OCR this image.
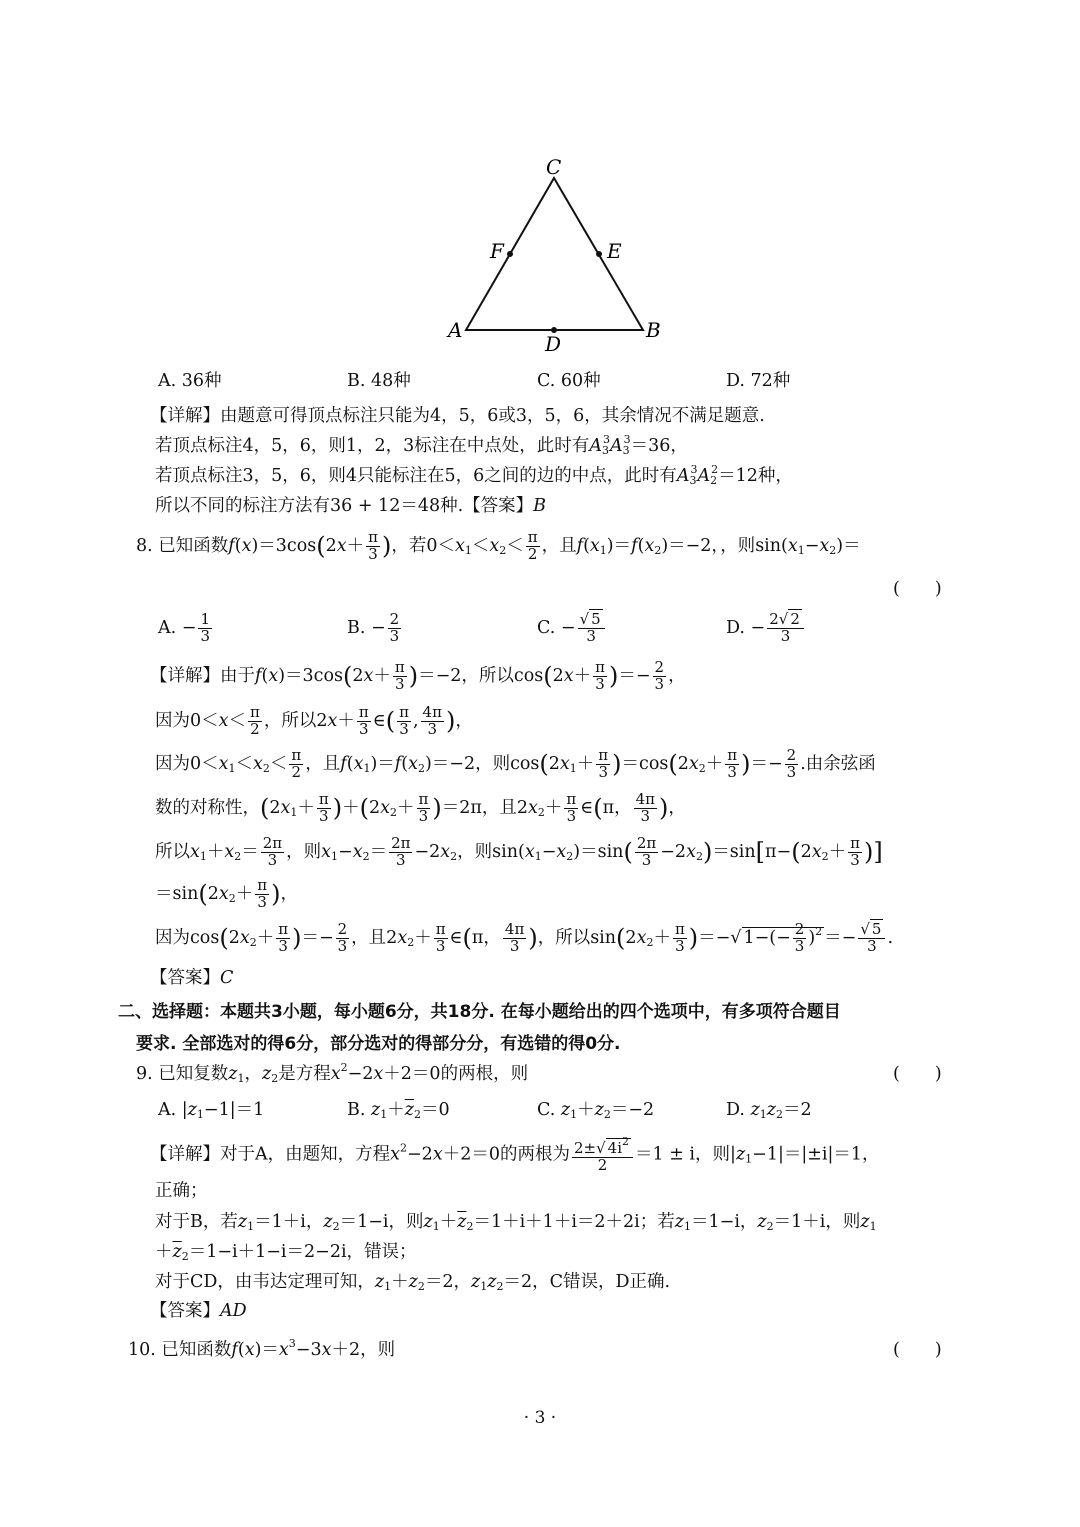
C
F	E
A	B
D
A. 36种	B. 48种	C. 60种	D. 72种
【详解】由题意可得顶点标注只能为4，5，6或3，5，6，其余情况不满足题意.
若顶点标注4，5，6，则1，2，3标注在中点处，此时有$A_3^3A_3^3=36$，
若顶点标注3，5，6，则4只能标注在5，6之间的边的中点，此时有$A_3^3A_2^2=12$种，
所以不同的标注方法有36 + 12＝48种.【答案】B
8. 已知函数$f(x)=3\cos(2x+ \frac{\pi}{3}$ )，若$0<x_1<x_2< \frac{\pi}{2}$ ，且$f(x_1)=f(x_2)=-2$，，则$\sin(x_1-x_2)=$
(　　)
A. − $\frac{1}{3}$	B. − $\frac{2}{3}$	C. − $\frac{√ 5}{3}$	D. − $\frac{2√ 2}{3}$
【详解】由于$f(x)=3\cos(2x+ \frac{\pi}{3} )=-2$，所以$\cos(2x+ \frac{\pi}{3}$ )＝− $\frac{2}{3}$ ，
因为$0<x< \frac{\pi}{2}$ ，所以$2x+ \frac{\pi}{3}$ ∈( $\frac{\pi}{3}$ , $\frac{4\pi}{3}$ )，
因为$0<x_1<x_2< \frac{\pi}{2}$ ，且$f(x_1)=f(x_2)=-2$，则$\cos(2x_1+ \frac{\pi}{3} )=\cos(2x_2+ \frac{\pi}{3}$ )＝− $\frac{2}{3}$ .由余弦函
数的对称性，$(2x_1+ \frac{\pi}{3} )+(2x_2+ \frac{\pi}{3} )=2\pi$，且$2x_2+ \frac{\pi}{3}$ ∈(π， $\frac{4\pi}{3}$ )，
所以$x_1+x_2= \frac{2\pi}{3}$ ，则$x_1-x_2= \frac{2\pi}{3} -2x_2$，则$\sin(x_1-x_2)=\sin( \frac{2\pi}{3} -2x_2)=\sin[\pi-(2x_2+ \frac{\pi}{3}$ )]
$=\sin(2x_2+ \frac{\pi}{3}$ )，
因为$\cos(2x_2+ \frac{\pi}{3}$ )＝− $\frac{2}{3}$ ，且$2x_2+ \frac{\pi}{3}$ ∈(π， $\frac{4\pi}{3}$ )，所以$\sin(2x_2+ \frac{\pi}{3}$ )＝−√ $1-(- \frac{2}{3} )^2 =- \frac{√ 5}{3}$ .
【答案】C
二、选择题：本题共3小题，每小题6分，共18分. 在每小题给出的四个选项中，有多项符合题目
要求. 全部选对的得6分，部分选对的得部分分，有选错的得0分.
9. 已知复数$z_1$，$z_2$是方程$x^2-2x+2=0$的两根，则	(　　)
A. $|z_1-1|=1$	B. $z_1+\overline{z}_2=0$	C. $z_1+z_2=-2$	D. $z_1z_2=2$
【详解】对于A，由题知，方程$x^2-2x+2=0$的两根为 $\frac{2\pm√ 4i^2}{2} =1 \pm i$，则$|z_1-1|=|\pm i|=1$，
正确；
对于B，若$z_1=1+i$，$z_2=1-i$，则$z_1+\overline{z}_2=1+i+1+i=2+2i$；若$z_1=1-i$，$z_2=1+i$，则$z_1$
$+\overline{z}_2=1-i+1-i=2-2i$，错误；
对于CD，由韦达定理可知，$z_1+z_2=2$，$z_1z_2=2$，C错误，D正确.
【答案】AD
10. 已知函数$f(x)=x^3-3x+2$，则	(　　)
· 3 ·
